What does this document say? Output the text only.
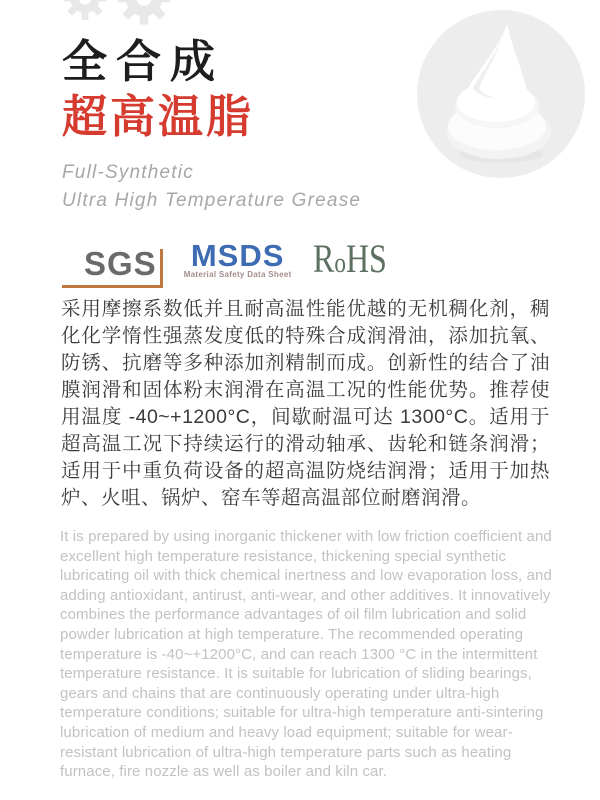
全合成
超高温脂
Full-Synthetic
Ultra High Temperature Grease
SGS MSDS
Material Safety Data Sheet RoHS

采用摩擦系数低并且耐高温性能优越的无机稠化剂，稠化化学惰性强蒸发度低的特殊合成润滑油，添加抗氧、防锈、抗磨等多种添加剂精制而成。创新性的结合了油膜润滑和固体粉末润滑在高温工况的性能优势。推荐使用温度 -40~+1200°C，间歇耐温可达 1300°C。适用于超高温工况下持续运行的滑动轴承、齿轮和链条润滑；适用于中重负荷设备的超高温防烧结润滑；适用于加热炉、火咀、锅炉、窑车等超高温部位耐磨润滑。

It is prepared by using inorganic thickener with low friction coefficient and excellent high temperature resistance, thickening special synthetic lubricating oil with thick chemical inertness and low evaporation loss, and adding antioxidant, antirust, anti-wear, and other additives. It innovatively combines the performance advantages of oil film lubrication and solid powder lubrication at high temperature. The recommended operating temperature is -40~+1200°C, and can reach 1300 °C in the intermittent temperature resistance. It is suitable for lubrication of sliding bearings, gears and chains that are continuously operating under ultra-high temperature conditions; suitable for ultra-high temperature anti-sintering lubrication of medium and heavy load equipment; suitable for wear-resistant lubrication of ultra-high temperature parts such as heating furnace, fire nozzle as well as boiler and kiln car.
